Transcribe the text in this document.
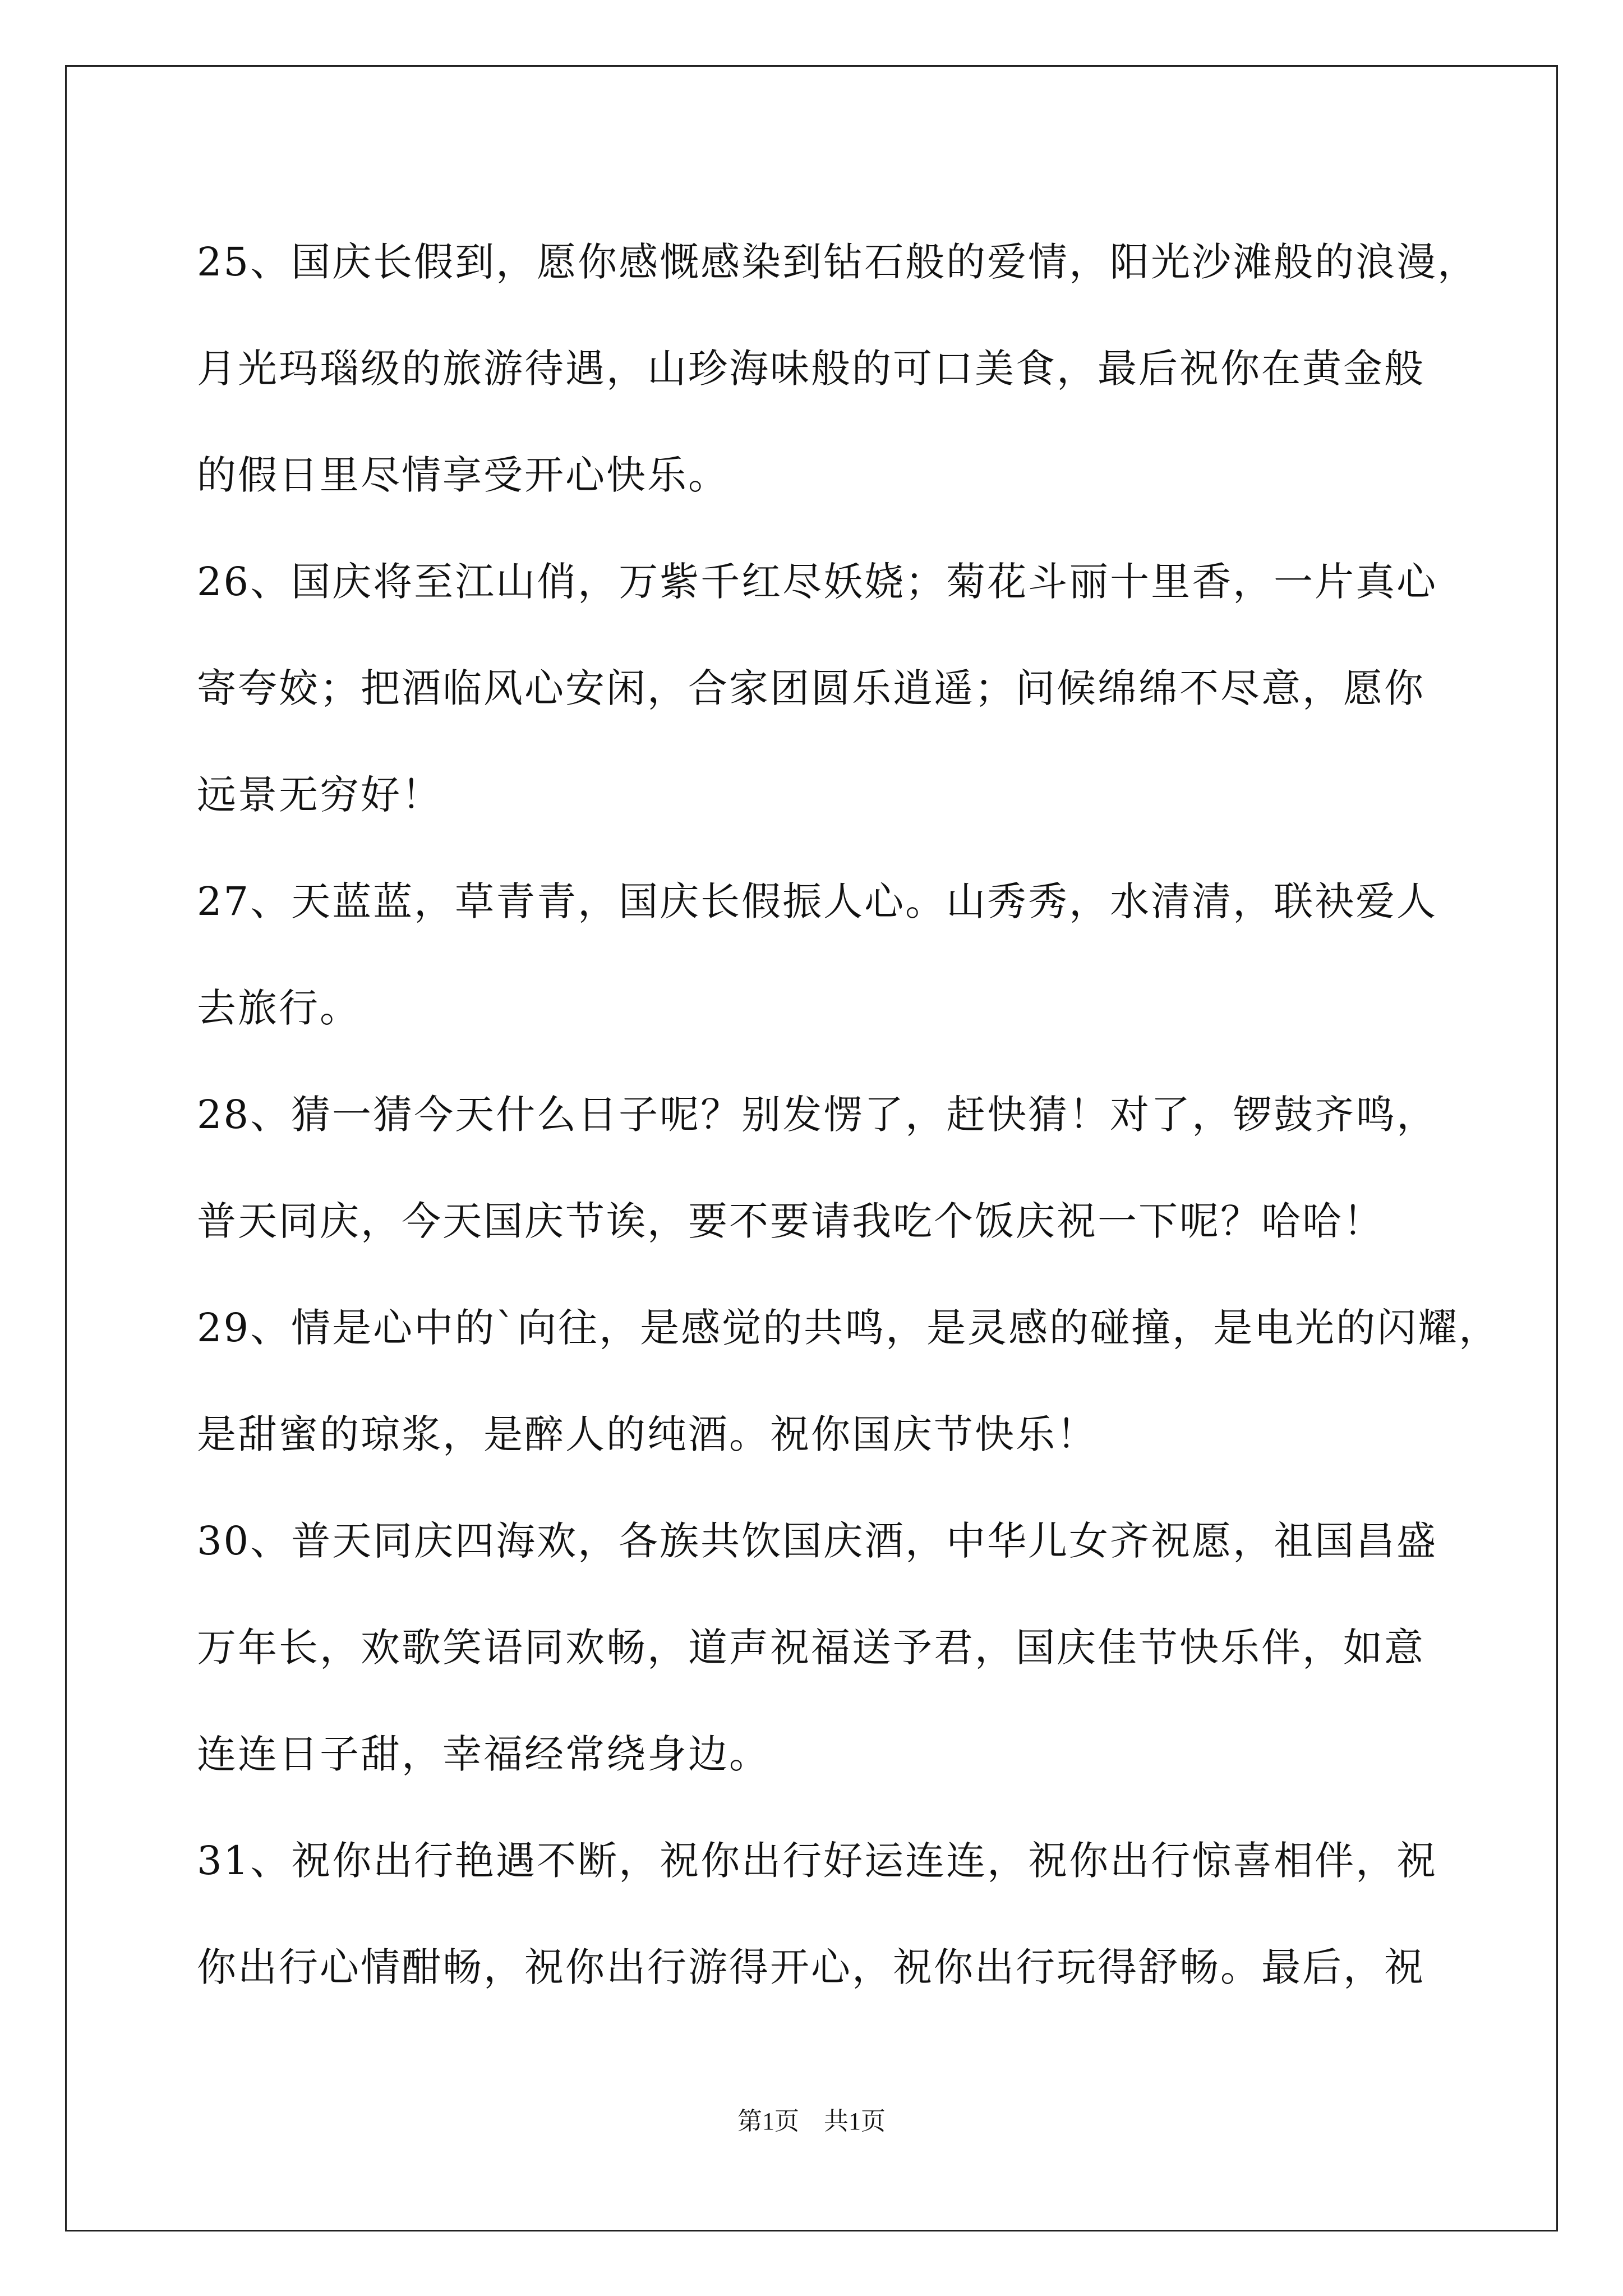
25、国庆长假到，愿你感慨感染到钻石般的爱情，阳光沙滩般的浪漫，
月光玛瑙级的旅游待遇，山珍海味般的可口美食，最后祝你在黄金般
的假日里尽情享受开心快乐。
26、国庆将至江山俏，万紫千红尽妖娆；菊花斗丽十里香，一片真心
寄夸姣；把酒临风心安闲，合家团圆乐逍遥；问候绵绵不尽意，愿你
远景无穷好！
27、天蓝蓝，草青青，国庆长假振人心。山秀秀，水清清，联袂爱人
去旅行。
28、猜一猜今天什么日子呢？别发愣了，赶快猜！对了，锣鼓齐鸣，
普天同庆，今天国庆节诶，要不要请我吃个饭庆祝一下呢？哈哈！
29、情是心中的`向往，是感觉的共鸣，是灵感的碰撞，是电光的闪耀，
是甜蜜的琼浆，是醉人的纯酒。祝你国庆节快乐！
30、普天同庆四海欢，各族共饮国庆酒，中华儿女齐祝愿，祖国昌盛
万年长，欢歌笑语同欢畅，道声祝福送予君，国庆佳节快乐伴，如意
连连日子甜，幸福经常绕身边。
31、祝你出行艳遇不断，祝你出行好运连连，祝你出行惊喜相伴，祝
你出行心情酣畅，祝你出行游得开心，祝你出行玩得舒畅。最后，祝
第1页　共1页
